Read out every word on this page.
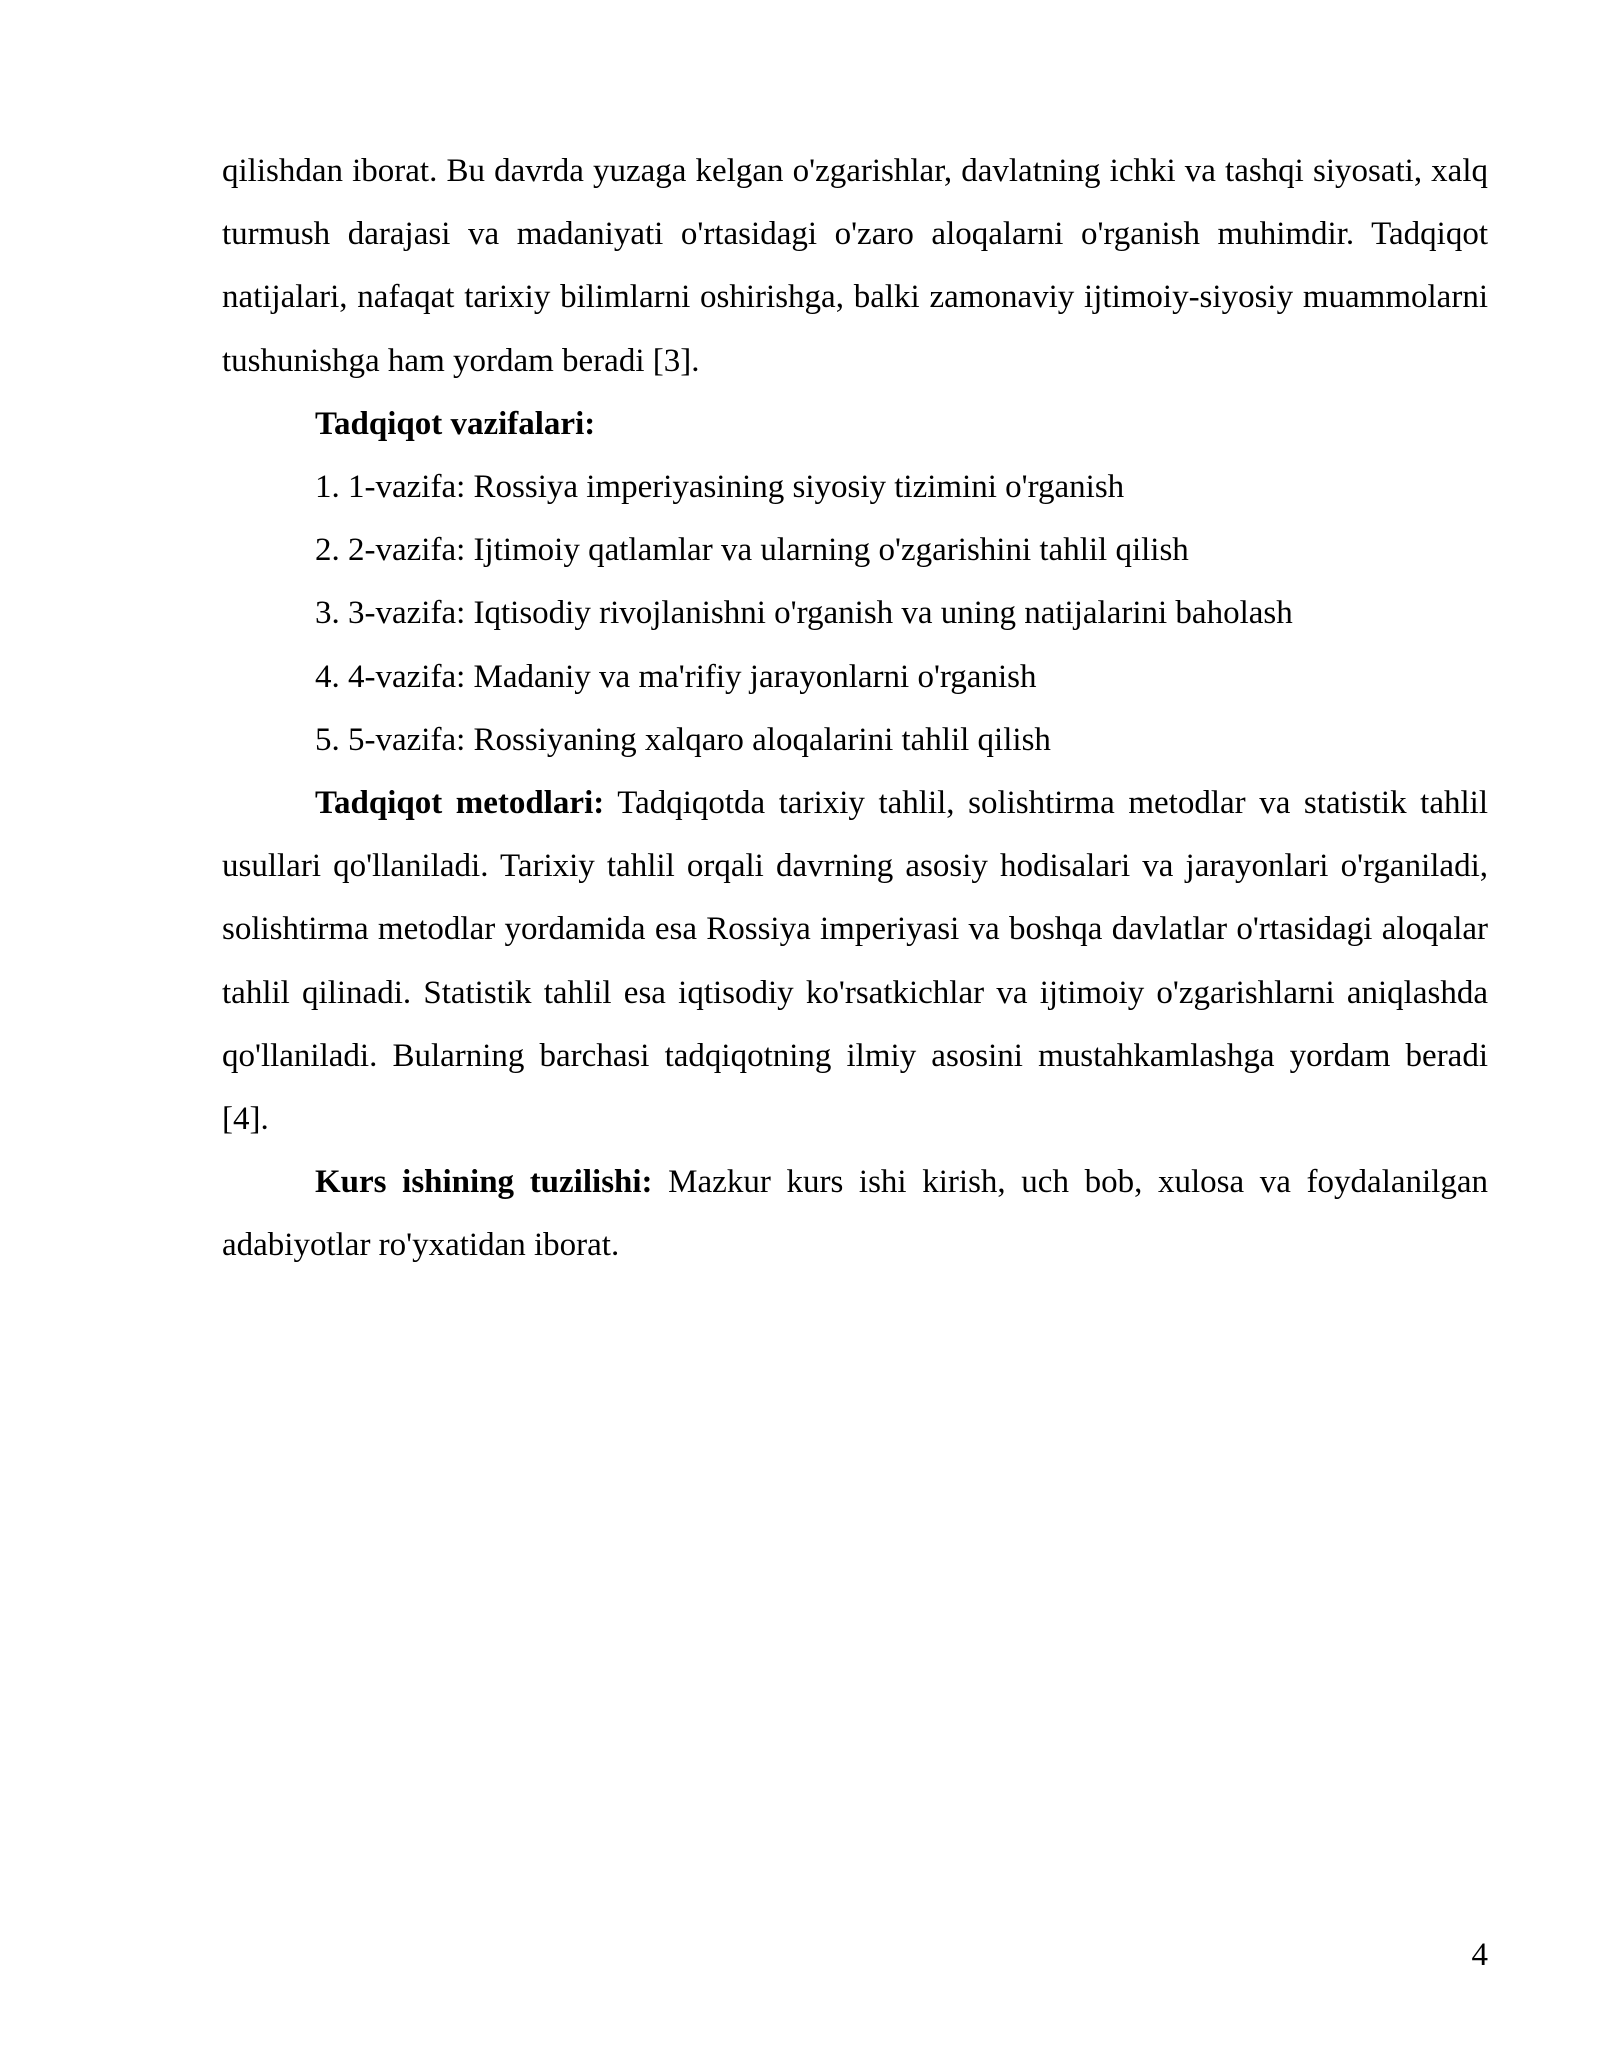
qilishdan iborat. Bu davrda yuzaga kelgan o'zgarishlar, davlatning ichki va tashqi siyosati, xalq turmush darajasi va madaniyati o'rtasidagi o'zaro aloqalarni o'rganish muhimdir. Tadqiqot natijalari, nafaqat tarixiy bilimlarni oshirishga, balki zamonaviy ijtimoiy-siyosiy muammolarni tushunishga ham yordam beradi [3].

Tadqiqot vazifalari:

1. 1-vazifa: Rossiya imperiyasining siyosiy tizimini o'rganish

2. 2-vazifa: Ijtimoiy qatlamlar va ularning o'zgarishini tahlil qilish

3. 3-vazifa: Iqtisodiy rivojlanishni o'rganish va uning natijalarini baholash

4. 4-vazifa: Madaniy va ma'rifiy jarayonlarni o'rganish

5. 5-vazifa: Rossiyaning xalqaro aloqalarini tahlil qilish

Tadqiqot metodlari: Tadqiqotda tarixiy tahlil, solishtirma metodlar va statistik tahlil usullari qo'llaniladi. Tarixiy tahlil orqali davrning asosiy hodisalari va jarayonlari o'rganiladi, solishtirma metodlar yordamida esa Rossiya imperiyasi va boshqa davlatlar o'rtasidagi aloqalar tahlil qilinadi. Statistik tahlil esa iqtisodiy ko'rsatkichlar va ijtimoiy o'zgarishlarni aniqlashda qo'llaniladi. Bularning barchasi tadqiqotning ilmiy asosini mustahkamlashga yordam beradi [4].

Kurs ishining tuzilishi: Mazkur kurs ishi kirish, uch bob, xulosa va foydalanilgan adabiyotlar ro'yxatidan iborat.

4
